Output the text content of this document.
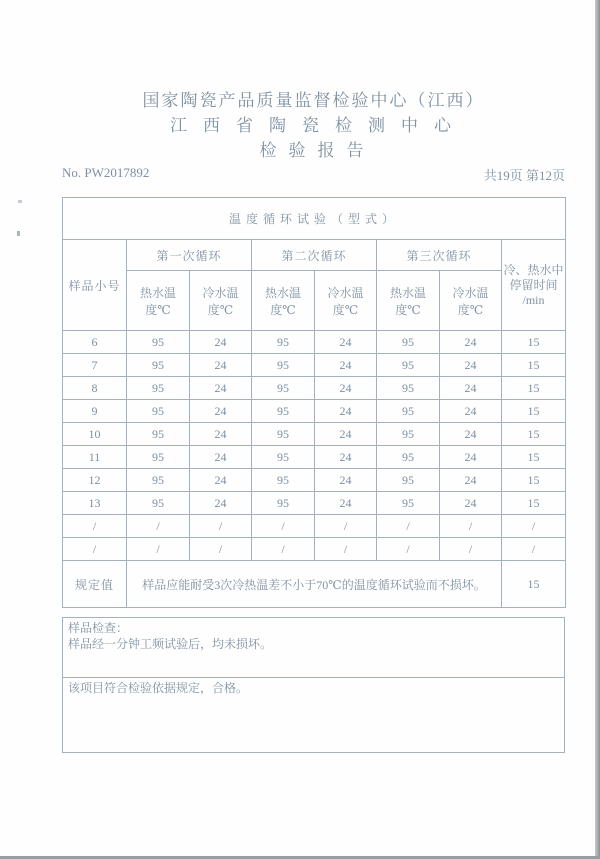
国家陶瓷产品质量监督检验中心（江西）
江西省陶瓷检测中心
检验报告
No. PW2017892	共19页 第12页
温度循环试验（型式）							
样品小号	第一次循环		第二次循环		第三次循环		冷、热水中
停留时间
/min
	热水温度℃	冷水温度℃	热水温度℃	冷水温度℃	热水温度℃	冷水温度℃	
6	95	24	95	24	95	24	15
7	95	24	95	24	95	24	15
8	95	24	95	24	95	24	15
9	95	24	95	24	95	24	15
10	95	24	95	24	95	24	15
11	95	24	95	24	95	24	15
12	95	24	95	24	95	24	15
13	95	24	95	24	95	24	15
/	/	/	/	/	/	/	/
/	/	/	/	/	/	/	/
规定值	样品应能耐受3次冷热温差不小于70℃的温度循环试验而不损坏。						15
样品检查：
样品经一分钟工频试验后，均未损坏。
该项目符合检验依据规定，合格。
